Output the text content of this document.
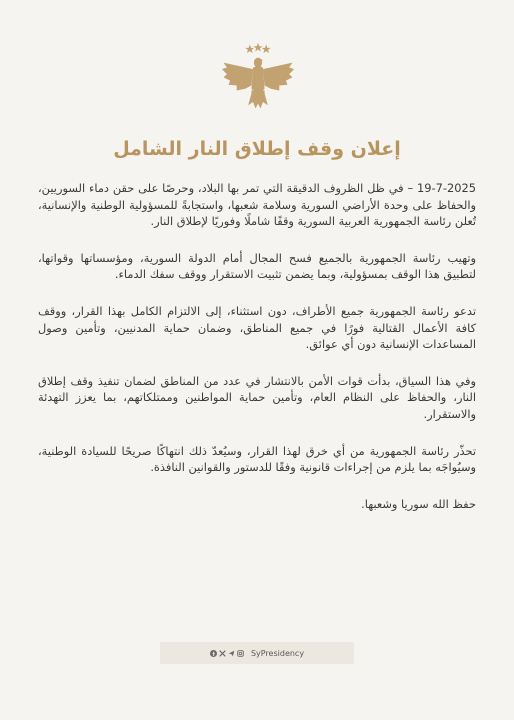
إعلان وقف إطلاق النار الشامل

19-7-2025 – في ظل الظروف الدقيقة التي تمر بها البلاد، وحرصًا على حقن دماء السوريين، والحفاظ على وحدة الأراضي السورية وسلامة شعبها، واستجابةً للمسؤولية الوطنية والإنسانية، تُعلن رئاسة الجمهورية العربية السورية وقفًا شاملًا وفوريًا لإطلاق النار.

وتهيب رئاسة الجمهورية بالجميع فسح المجال أمام الدولة السورية، ومؤسساتها وقواتها، لتطبيق هذا الوقف بمسؤولية، وبما يضمن تثبيت الاستقرار ووقف سفك الدماء.

تدعو رئاسة الجمهورية جميع الأطراف، دون استثناء، إلى الالتزام الكامل بهذا القرار، ووقف كافة الأعمال القتالية فورًا في جميع المناطق، وضمان حماية المدنيين، وتأمين وصول المساعدات الإنسانية دون أي عوائق.

وفي هذا السياق، بدأت قوات الأمن بالانتشار في عدد من المناطق لضمان تنفيذ وقف إطلاق النار، والحفاظ على النظام العام، وتأمين حماية المواطنين وممتلكاتهم، بما يعزز التهدئة والاستقرار.

تحذّر رئاسة الجمهورية من أي خرق لهذا القرار، وسيُعدّ ذلك انتهاكًا صريحًا للسيادة الوطنية، وسيُواجَه بما يلزم من إجراءات قانونية وفقًا للدستور والقوانين النافذة.

حفظ الله سوريا وشعبها.

SyPresidency
